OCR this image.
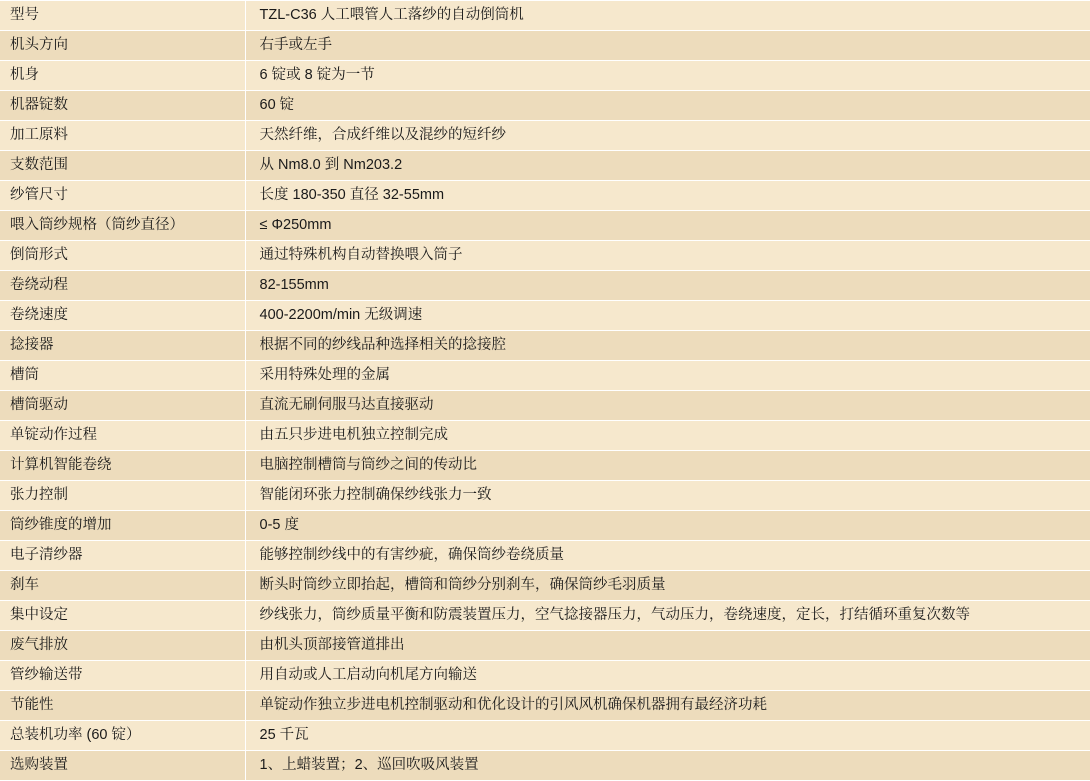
型号	TZL-C36 人工喂管人工落纱的自动倒筒机
机头方向	右手或左手
机身	6 锭或 8 锭为一节
机器锭数	60 锭
加工原料	天然纤维，合成纤维以及混纱的短纤纱
支数范围	从 Nm8.0 到 Nm203.2
纱管尺寸	长度 180-350 直径 32-55mm
喂入筒纱规格（筒纱直径）	≤ Φ250mm
倒筒形式	通过特殊机构自动替换喂入筒子
卷绕动程	82-155mm
卷绕速度	400-2200m/min 无级调速
捻接器	根据不同的纱线品种选择相关的捻接腔
槽筒	采用特殊处理的金属
槽筒驱动	直流无刷伺服马达直接驱动
单锭动作过程	由五只步进电机独立控制完成
计算机智能卷绕	电脑控制槽筒与筒纱之间的传动比
张力控制	智能闭环张力控制确保纱线张力一致
筒纱锥度的增加	0-5 度
电子清纱器	能够控制纱线中的有害纱疵，确保筒纱卷绕质量
刹车	断头时筒纱立即抬起，槽筒和筒纱分别刹车，确保筒纱毛羽质量
集中设定	纱线张力，筒纱质量平衡和防震装置压力，空气捻接器压力，气动压力，卷绕速度，定长，打结循环重复次数等
废气排放	由机头顶部接管道排出
管纱输送带	用自动或人工启动向机尾方向输送
节能性	单锭动作独立步进电机控制驱动和优化设计的引风风机确保机器拥有最经济功耗
总装机功率 (60 锭）	25 千瓦
选购装置	1、上蜡装置；2、巡回吹吸风装置
